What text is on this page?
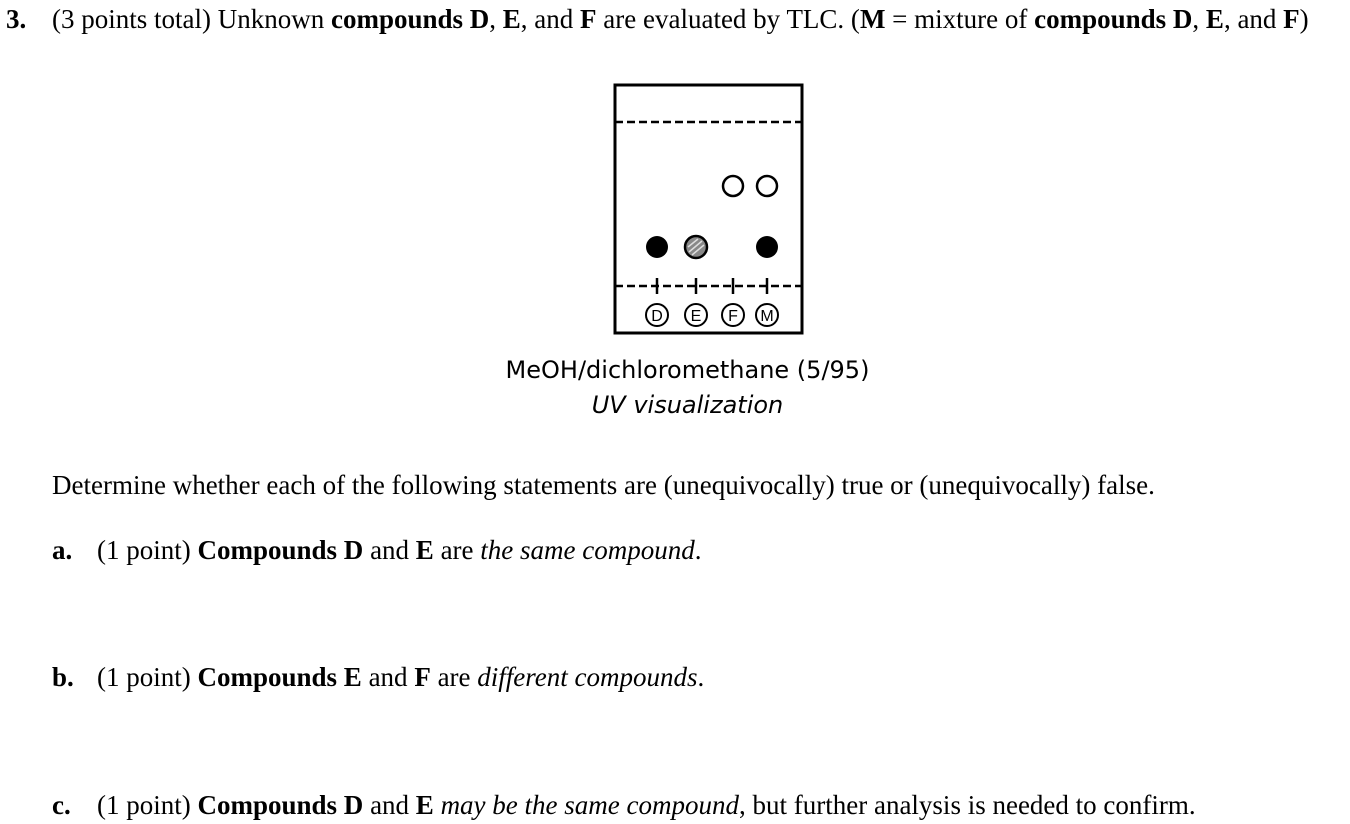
3. (3 points total) Unknown compounds D, E, and F are evaluated by TLC. (M = mixture of compounds D, E, and F)
D E F M
MeOH/dichloromethane (5/95)
UV visualization
Determine whether each of the following statements are (unequivocally) true or (unequivocally) false.
a. (1 point) Compounds D and E are the same compound.
b. (1 point) Compounds E and F are different compounds.
c. (1 point) Compounds D and E may be the same compound, but further analysis is needed to confirm.
